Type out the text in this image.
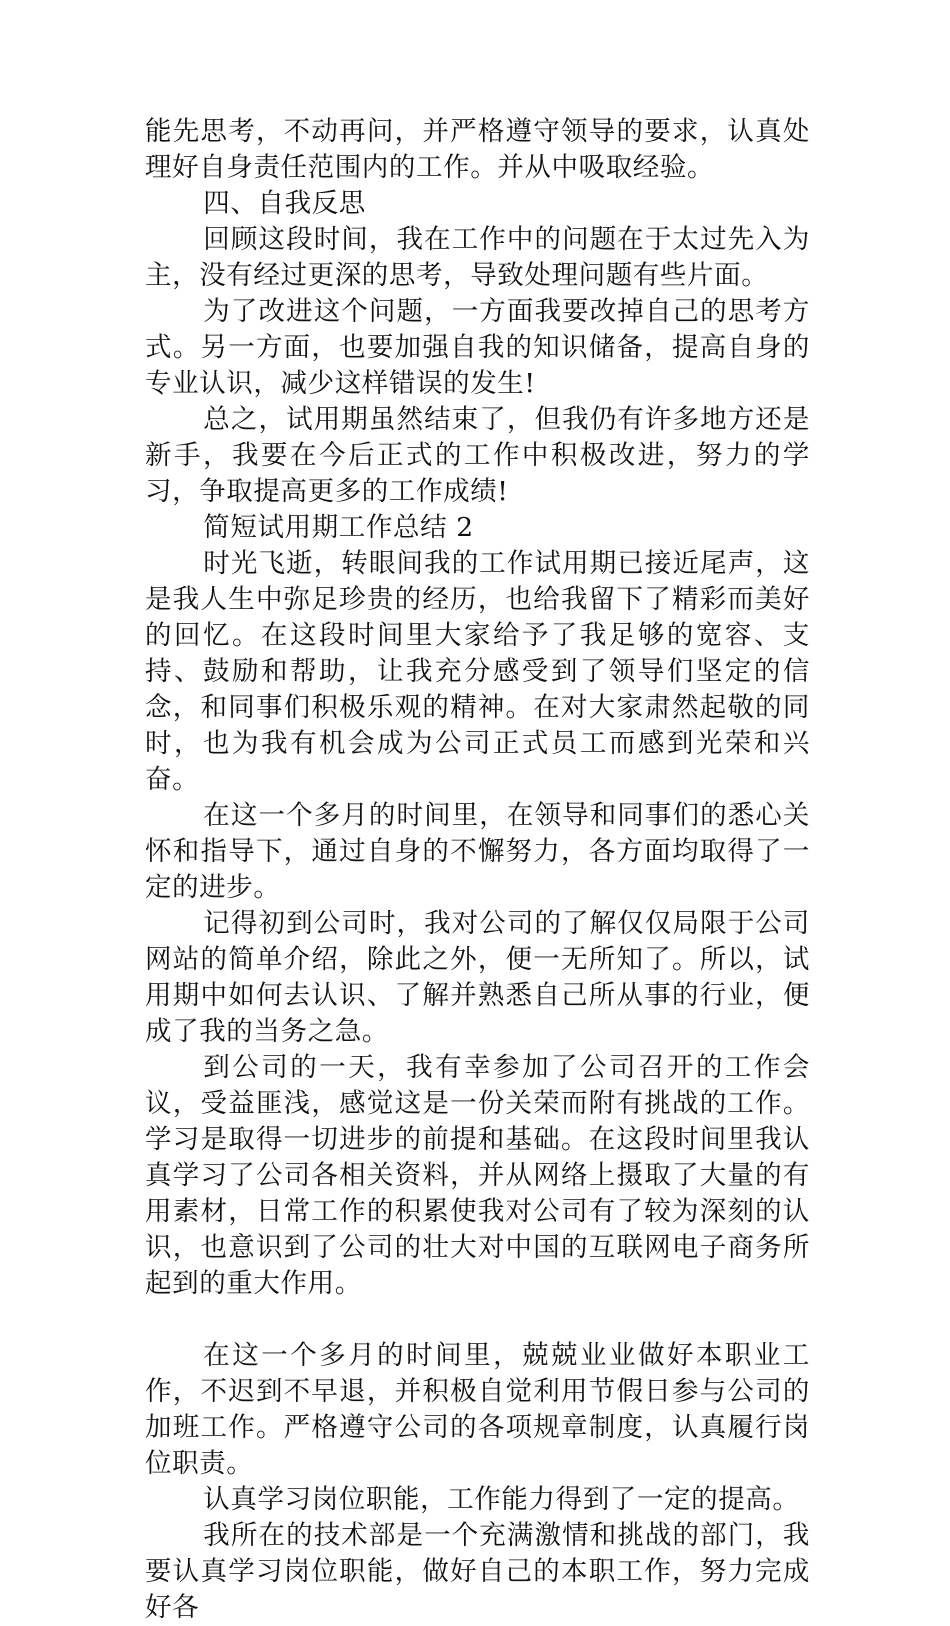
能先思考，不动再问，并严格遵守领导的要求，认真处理好自身责任范围内的工作。并从中吸取经验。

四、自我反思

回顾这段时间，我在工作中的问题在于太过先入为主，没有经过更深的思考，导致处理问题有些片面。

为了改进这个问题，一方面我要改掉自己的思考方式。另一方面，也要加强自我的知识储备，提高自身的专业认识，减少这样错误的发生!

总之，试用期虽然结束了，但我仍有许多地方还是新手，我要在今后正式的工作中积极改进，努力的学习，争取提高更多的工作成绩!

简短试用期工作总结 2

时光飞逝，转眼间我的工作试用期已接近尾声，这是我人生中弥足珍贵的经历，也给我留下了精彩而美好的回忆。在这段时间里大家给予了我足够的宽容、支持、鼓励和帮助，让我充分感受到了领导们坚定的信念，和同事们积极乐观的精神。在对大家肃然起敬的同时，也为我有机会成为公司正式员工而感到光荣和兴奋。

在这一个多月的时间里，在领导和同事们的悉心关怀和指导下，通过自身的不懈努力，各方面均取得了一定的进步。

记得初到公司时，我对公司的了解仅仅局限于公司网站的简单介绍，除此之外，便一无所知了。所以，试用期中如何去认识、了解并熟悉自己所从事的行业，便成了我的当务之急。

到公司的一天，我有幸参加了公司召开的工作会议，受益匪浅，感觉这是一份关荣而附有挑战的工作。学习是取得一切进步的前提和基础。在这段时间里我认真学习了公司各相关资料，并从网络上摄取了大量的有用素材，日常工作的积累使我对公司有了较为深刻的认识，也意识到了公司的壮大对中国的互联网电子商务所起到的重大作用。

在这一个多月的时间里，兢兢业业做好本职业工作，不迟到不早退，并积极自觉利用节假日参与公司的加班工作。严格遵守公司的各项规章制度，认真履行岗位职责。

认真学习岗位职能，工作能力得到了一定的提高。

我所在的技术部是一个充满激情和挑战的部门，我要认真学习岗位职能，做好自己的本职工作，努力完成好各
